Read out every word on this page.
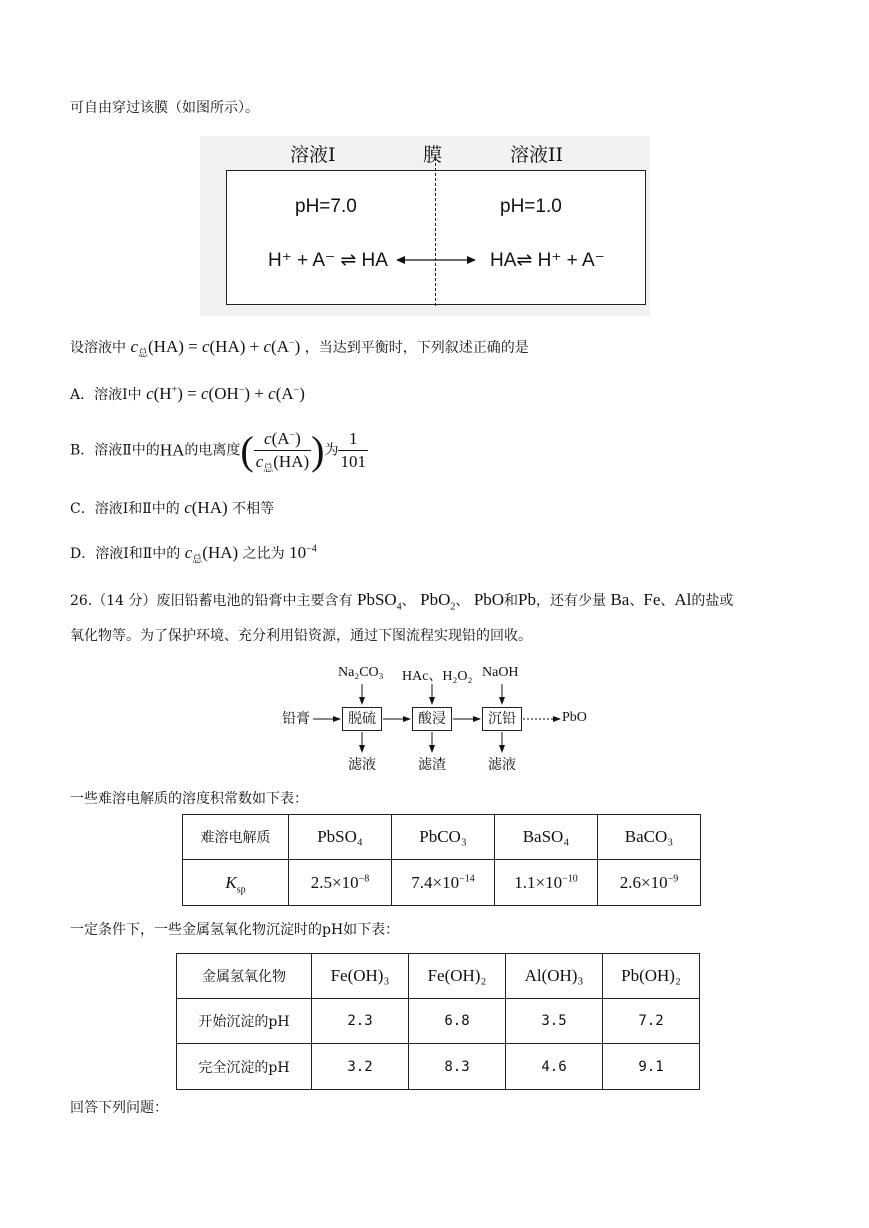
可自由穿过该膜（如图所示）。
溶液I	膜	溶液II
pH=7.0	pH=1.0
H⁺ + A⁻ ⇌ HA	HA⇌ H⁺ + A⁻
设溶液中 $c_总(HA) = c(HA) + c(A^-)$ ，当达到平衡时，下列叙述正确的是
A．溶液Ⅰ中 c(H+) = c(OH−) + c(A−)
B．溶液Ⅱ中的HA的电离度( $\frac{c(A^-)}{c_总(HA)}$ )为 $\frac{1}{101}$
C．溶液Ⅰ和Ⅱ中的 c(HA) 不相等
D．溶液Ⅰ和Ⅱ中的 $c_总(HA)$ 之比为 $10^{-4}$
26.（14 分）废旧铅蓄电池的铅膏中主要含有 PbSO$_4$、 PbO$_2$、 PbO和Pb，还有少量 Ba、Fe、Al的盐或
氧化物等。为了保护环境、充分利用铅资源，通过下图流程实现铅的回收。
铅膏	脱硫	酸浸	沉铅	PbO
Na₂CO₃ HAc、H₂O₂ NaOH
滤液	滤渣	滤液
一些难溶电解质的溶度积常数如下表：
难溶电解质	PbSO₄	PbCO₃	BaSO₄	BaCO₃
$K_{sp}$	$2.5\times 10^{-8}$	$7.4\times 10^{-14}$	$1.1\times 10^{-10}$	$2.6\times 10^{-9}$
一定条件下，一些金属氢氧化物沉淀时的pH如下表：
金属氢氧化物	Fe(OH)₃	Fe(OH)₂	Al(OH)₃	Pb(OH)₂
开始沉淀的pH	2.3	6.8	3.5	7.2
完全沉淀的pH	3.2	8.3	4.6	9.1
回答下列问题：
